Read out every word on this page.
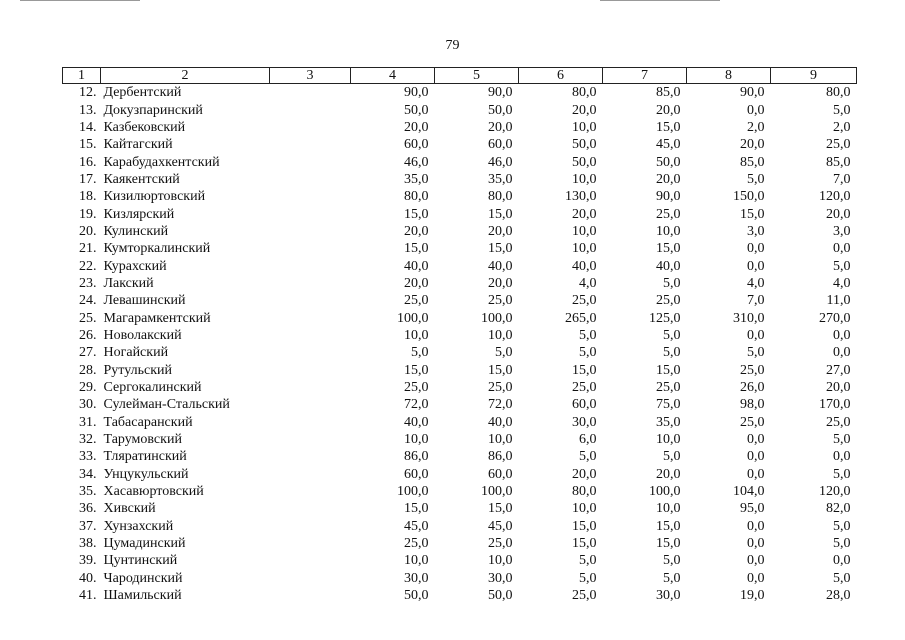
79
1	2	3	4	5	6	7	8	9
12.	Дербентский		90,0	90,0	80,0	85,0	90,0	80,0
13.	Докузпаринский		50,0	50,0	20,0	20,0	0,0	5,0
14.	Казбековский		20,0	20,0	10,0	15,0	2,0	2,0
15.	Кайтагский		60,0	60,0	50,0	45,0	20,0	25,0
16.	Карабудахкентский		46,0	46,0	50,0	50,0	85,0	85,0
17.	Каякентский		35,0	35,0	10,0	20,0	5,0	7,0
18.	Кизилюртовский		80,0	80,0	130,0	90,0	150,0	120,0
19.	Кизлярский		15,0	15,0	20,0	25,0	15,0	20,0
20.	Кулинский		20,0	20,0	10,0	10,0	3,0	3,0
21.	Кумторкалинский		15,0	15,0	10,0	15,0	0,0	0,0
22.	Курахский		40,0	40,0	40,0	40,0	0,0	5,0
23.	Лакский		20,0	20,0	4,0	5,0	4,0	4,0
24.	Левашинский		25,0	25,0	25,0	25,0	7,0	11,0
25.	Магарамкентский		100,0	100,0	265,0	125,0	310,0	270,0
26.	Новолакский		10,0	10,0	5,0	5,0	0,0	0,0
27.	Ногайский		5,0	5,0	5,0	5,0	5,0	0,0
28.	Рутульский		15,0	15,0	15,0	15,0	25,0	27,0
29.	Сергокалинский		25,0	25,0	25,0	25,0	26,0	20,0
30.	Сулейман-Стальский		72,0	72,0	60,0	75,0	98,0	170,0
31.	Табасаранский		40,0	40,0	30,0	35,0	25,0	25,0
32.	Тарумовский		10,0	10,0	6,0	10,0	0,0	5,0
33.	Тляратинский		86,0	86,0	5,0	5,0	0,0	0,0
34.	Унцукульский		60,0	60,0	20,0	20,0	0,0	5,0
35.	Хасавюртовский		100,0	100,0	80,0	100,0	104,0	120,0
36.	Хивский		15,0	15,0	10,0	10,0	95,0	82,0
37.	Хунзахский		45,0	45,0	15,0	15,0	0,0	5,0
38.	Цумадинский		25,0	25,0	15,0	15,0	0,0	5,0
39.	Цунтинский		10,0	10,0	5,0	5,0	0,0	0,0
40.	Чародинский		30,0	30,0	5,0	5,0	0,0	5,0
41.	Шамильский		50,0	50,0	25,0	30,0	19,0	28,0
